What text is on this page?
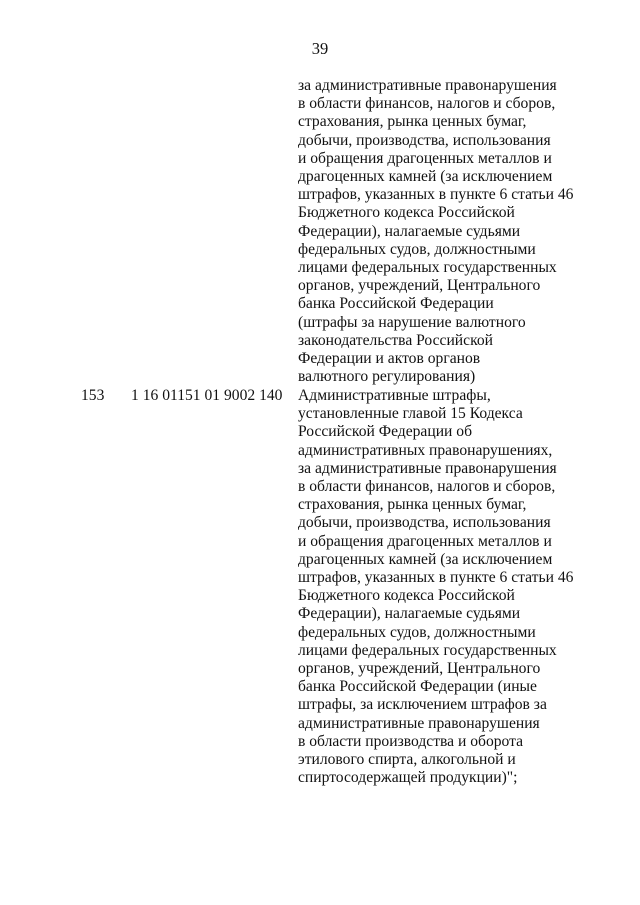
39
за административные правонарушения
в области финансов, налогов и сборов,
страхования, рынка ценных бумаг,
добычи, производства, использования
и обращения драгоценных металлов и
драгоценных камней (за исключением
штрафов, указанных в пункте 6 статьи 46
Бюджетного кодекса Российской
Федерации), налагаемые судьями
федеральных судов, должностными
лицами федеральных государственных
органов, учреждений, Центрального
банка Российской Федерации
(штрафы за нарушение валютного
законодательства Российской
Федерации и актов органов
валютного регулирования)
153 1 16 01151 01 9002 140 Административные штрафы,
установленные главой 15 Кодекса
Российской Федерации об
административных правонарушениях,
за административные правонарушения
в области финансов, налогов и сборов,
страхования, рынка ценных бумаг,
добычи, производства, использования
и обращения драгоценных металлов и
драгоценных камней (за исключением
штрафов, указанных в пункте 6 статьи 46
Бюджетного кодекса Российской
Федерации), налагаемые судьями
федеральных судов, должностными
лицами федеральных государственных
органов, учреждений, Центрального
банка Российской Федерации (иные
штрафы, за исключением штрафов за
административные правонарушения
в области производства и оборота
этилового спирта, алкогольной и
спиртосодержащей продукции)";
